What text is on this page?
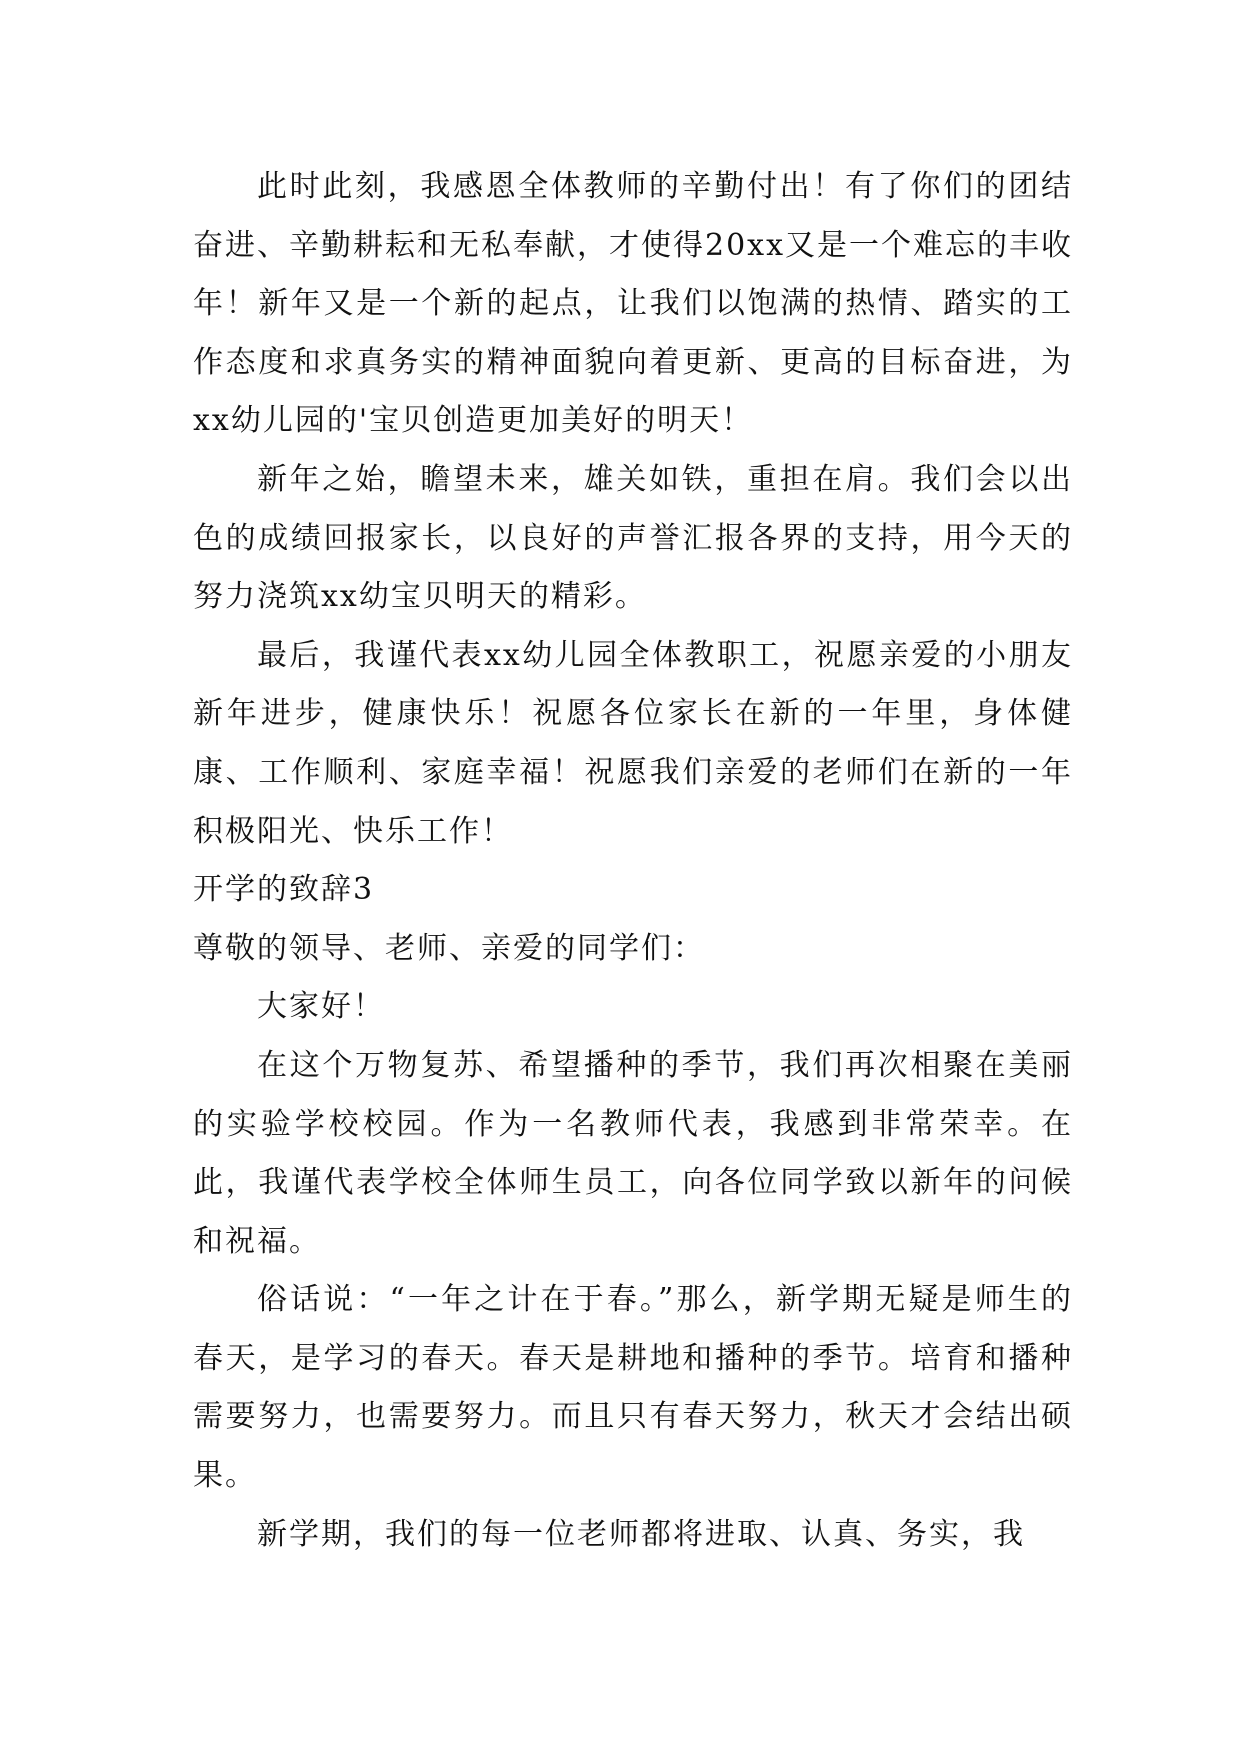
此时此刻，我感恩全体教师的辛勤付出！有了你们的团结奋进、辛勤耕耘和无私奉献，才使得20xx又是一个难忘的丰收年！新年又是一个新的起点，让我们以饱满的热情、踏实的工作态度和求真务实的精神面貌向着更新、更高的目标奋进，为xx幼儿园的'宝贝创造更加美好的明天！

新年之始，瞻望未来，雄关如铁，重担在肩。我们会以出色的成绩回报家长，以良好的声誉汇报各界的支持，用今天的努力浇筑xx幼宝贝明天的精彩。

最后，我谨代表xx幼儿园全体教职工，祝愿亲爱的小朋友新年进步，健康快乐！祝愿各位家长在新的一年里，身体健康、工作顺利、家庭幸福！祝愿我们亲爱的老师们在新的一年积极阳光、快乐工作！

开学的致辞3

尊敬的领导、老师、亲爱的同学们：

大家好！

在这个万物复苏、希望播种的季节，我们再次相聚在美丽的实验学校校园。作为一名教师代表，我感到非常荣幸。在此，我谨代表学校全体师生员工，向各位同学致以新年的问候和祝福。

俗话说：“一年之计在于春。”那么，新学期无疑是师生的春天，是学习的春天。春天是耕地和播种的季节。培育和播种需要努力，也需要努力。而且只有春天努力，秋天才会结出硕果。

新学期，我们的每一位老师都将进取、认真、务实，我
